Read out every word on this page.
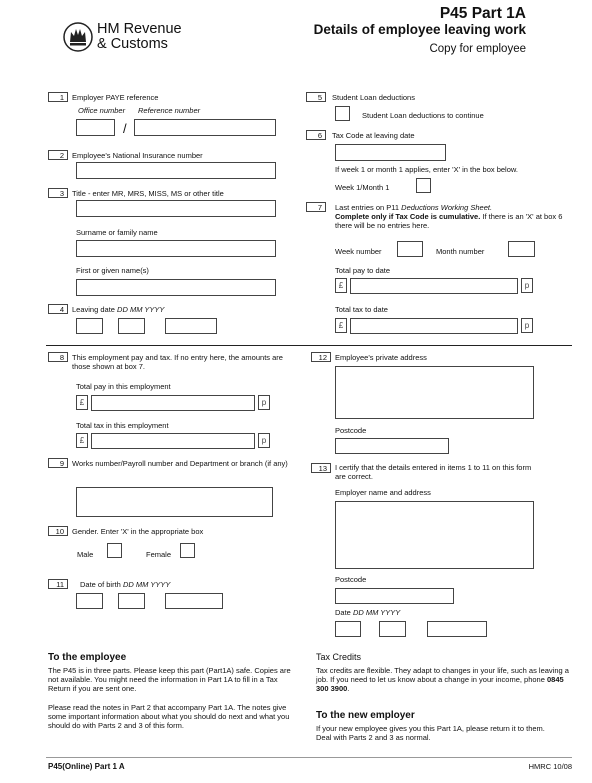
HM Revenue
& Customs
P45 Part 1A
Details of employee leaving work
Copy for employee
1	Employer PAYE reference
Office number Reference number
/
2	Employee's National Insurance number
3	Title - enter MR, MRS, MISS, MS or other title
Surname or family name
First or given name(s)
4	Leaving date DD MM YYYY
5	Student Loan deductions
Student Loan deductions to continue
6	Tax Code at leaving date
If week 1 or month 1 applies, enter 'X' in the box below.
Week 1/Month 1
7	Last entries on P11 Deductions Working Sheet.
Complete only if Tax Code is cumulative. If there is an 'X' at box 6 there will be no entries here.
Week number	Month number
Total pay to date
£	p
Total tax to date
£	p
8	This employment pay and tax. If no entry here, the amounts are those shown at box 7.
Total pay in this employment
£	p
Total tax in this employment
£	p
9	Works number/Payroll number and Department or branch (if any)
10	Gender. Enter 'X' in the appropriate box
Male	Female
11	Date of birth DD MM YYYY
12	Employee's private address
Postcode
13	I certify that the details entered in items 1 to 11 on this form are correct.
Employer name and address
Postcode
Date DD MM YYYY
To the employee
The P45 is in three parts. Please keep this part (Part1A) safe. Copies are not available. You might need the information in Part 1A to fill in a Tax Return if you are sent one.
Please read the notes in Part 2 that accompany Part 1A. The notes give some important information about what you should do next and what you should do with Parts 2 and 3 of this form.
Tax Credits
Tax credits are flexible. They adapt to changes in your life, such as leaving a job. If you need to let us know about a change in your income, phone 0845 300 3900.
To the new employer
If your new employee gives you this Part 1A, please return it to them. Deal with Parts 2 and 3 as normal.
P45(Online) Part 1 A	HMRC 10/08
